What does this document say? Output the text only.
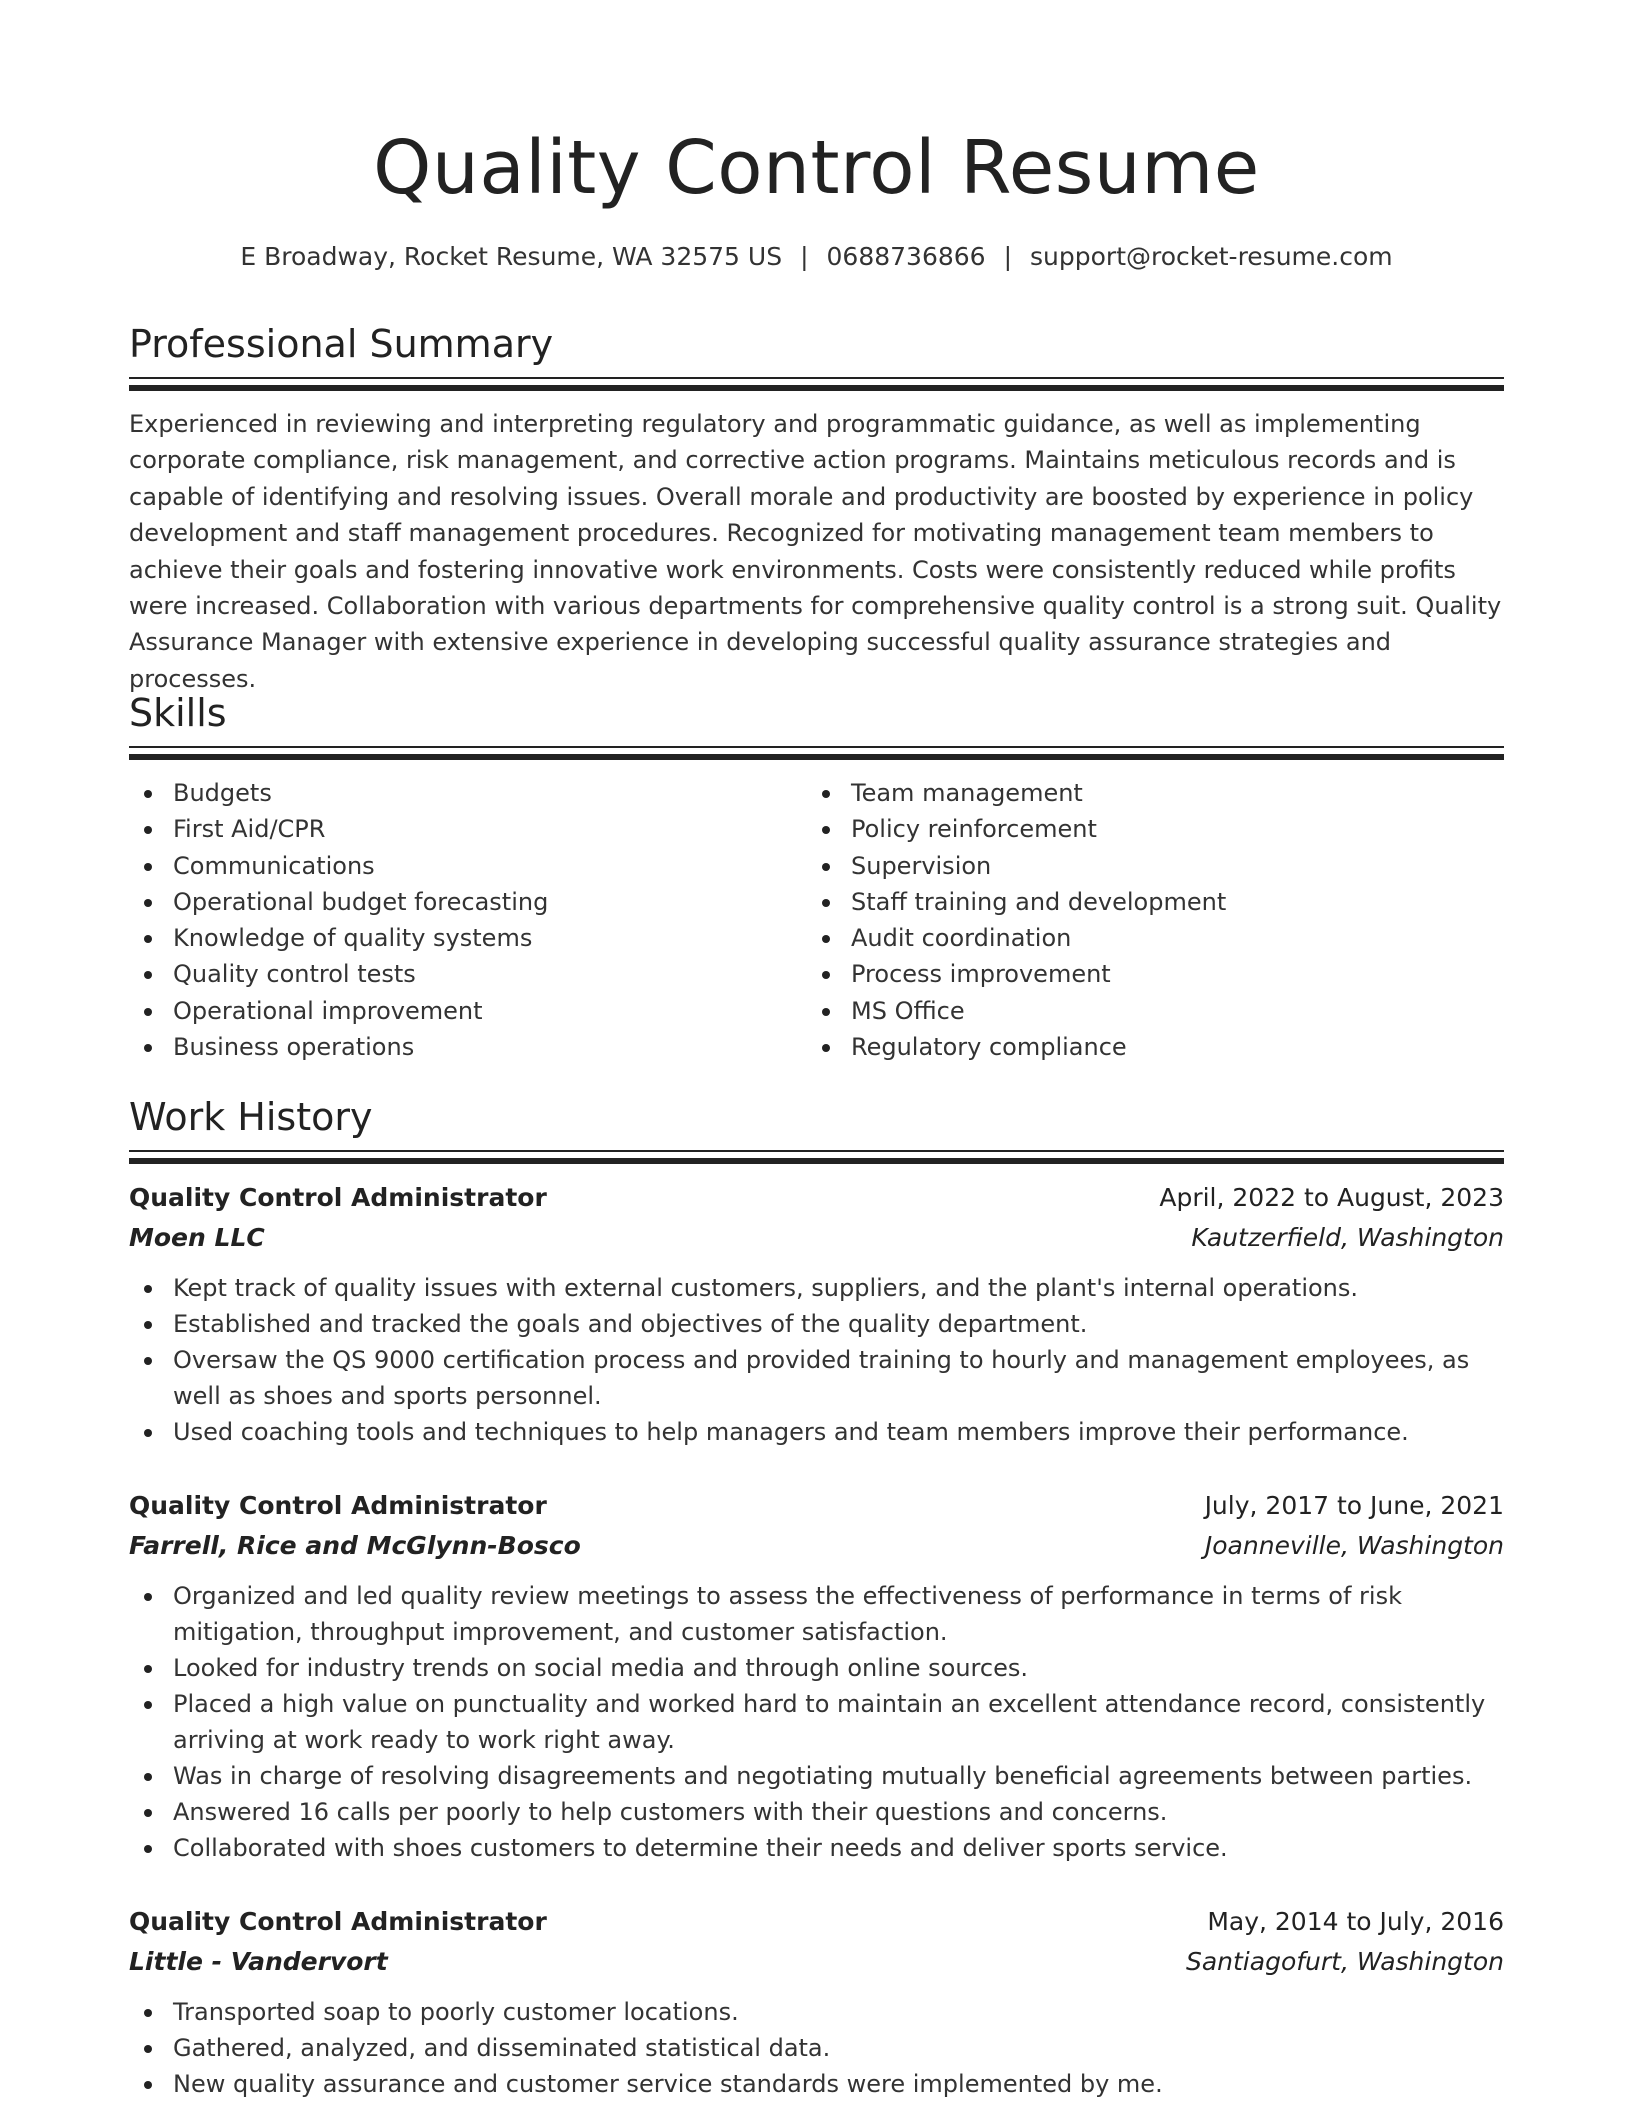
Quality Control Resume
E Broadway, Rocket Resume, WA 32575 US | 0688736866 | support@rocket-resume.com
Professional Summary

Experienced in reviewing and interpreting regulatory and programmatic guidance, as well as implementing corporate compliance, risk management, and corrective action programs. Maintains meticulous records and is capable of identifying and resolving issues. Overall morale and productivity are boosted by experience in policy development and staff management procedures. Recognized for motivating management team members to achieve their goals and fostering innovative work environments. Costs were consistently reduced while profits were increased. Collaboration with various departments for comprehensive quality control is a strong suit. Quality Assurance Manager with extensive experience in developing successful quality assurance strategies and processes.

Skills
Budgets
First Aid/CPR
Communications
Operational budget forecasting
Knowledge of quality systems
Quality control tests
Operational improvement
Business operations
Team management
Policy reinforcement
Supervision
Staff training and development
Audit coordination
Process improvement
MS Office
Regulatory compliance
Work History
Quality Control Administrator	April, 2022 to August, 2023
Moen LLC	Kautzerfield, Washington
Kept track of quality issues with external customers, suppliers, and the plant's internal operations.
Established and tracked the goals and objectives of the quality department.
Oversaw the QS 9000 certification process and provided training to hourly and management employees, as well as shoes and sports personnel.
Used coaching tools and techniques to help managers and team members improve their performance.
Quality Control Administrator	July, 2017 to June, 2021
Farrell, Rice and McGlynn-Bosco	Joanneville, Washington
Organized and led quality review meetings to assess the effectiveness of performance in terms of risk mitigation, throughput improvement, and customer satisfaction.
Looked for industry trends on social media and through online sources.
Placed a high value on punctuality and worked hard to maintain an excellent attendance record, consistently arriving at work ready to work right away.
Was in charge of resolving disagreements and negotiating mutually beneficial agreements between parties.
Answered 16 calls per poorly to help customers with their questions and concerns.
Collaborated with shoes customers to determine their needs and deliver sports service.
Quality Control Administrator	May, 2014 to July, 2016
Little - Vandervort	Santiagofurt, Washington
Transported soap to poorly customer locations.
Gathered, analyzed, and disseminated statistical data.
New quality assurance and customer service standards were implemented by me.
